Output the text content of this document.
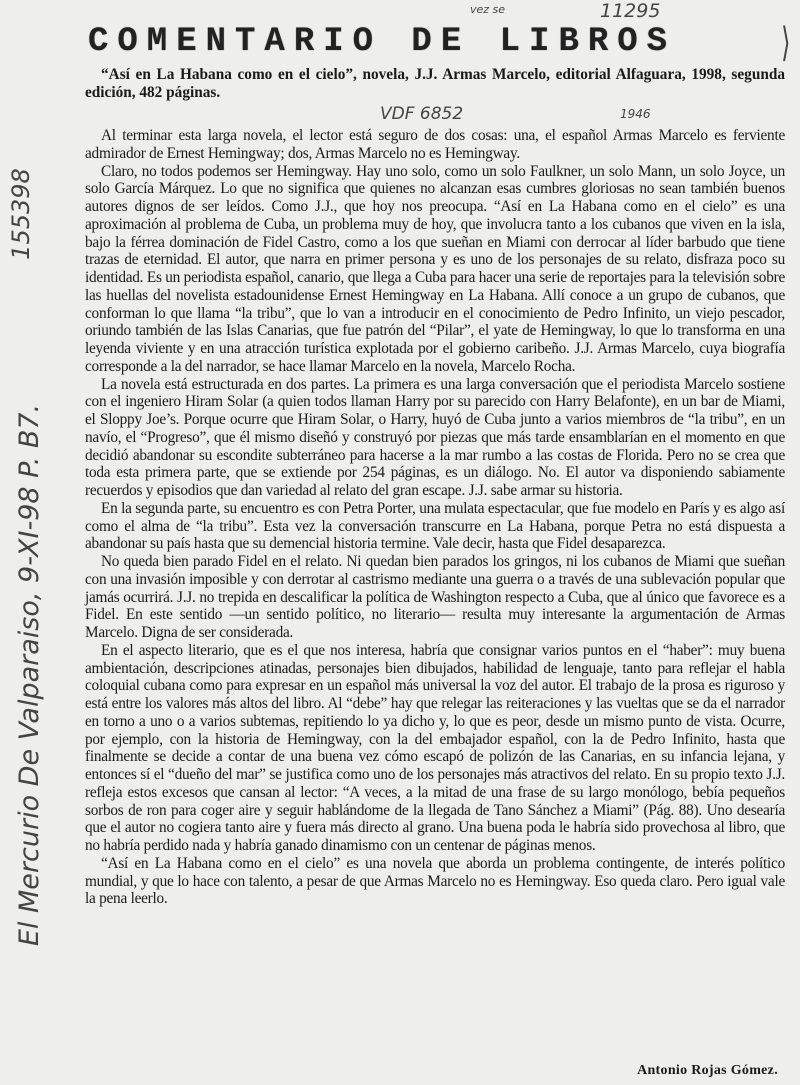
COMENTARIO DE LIBROS	⟩
“Así en La Habana como en el cielo”, novela, J.J. Armas Marcelo, editorial Alfaguara, 1998, segunda edición, 482 páginas.
11295
vez se
VDF 6852	1946
El Mercurio De Valparaiso, 9-XI-98 P. B7.
155398

Al terminar esta larga novela, el lector está seguro de dos cosas: una, el español Armas Marcelo es ferviente admirador de Ernest Hemingway; dos, Armas Marcelo no es Hemingway.

Claro, no todos podemos ser Hemingway. Hay uno solo, como un solo Faulkner, un solo Mann, un solo Joyce, un solo García Márquez. Lo que no significa que quienes no alcanzan esas cumbres gloriosas no sean también buenos autores dignos de ser leídos. Como J.J., que hoy nos preocupa. “Así en La Habana como en el cielo” es una aproximación al problema de Cuba, un problema muy de hoy, que involucra tanto a los cubanos que viven en la isla, bajo la férrea dominación de Fidel Castro, como a los que sueñan en Miami con derrocar al líder barbudo que tiene trazas de eternidad. El autor, que narra en primer persona y es uno de los personajes de su relato, disfraza poco su identidad. Es un periodista español, canario, que llega a Cuba para hacer una serie de reportajes para la televisión sobre las huellas del novelista estadounidense Ernest Hemingway en La Habana. Allí conoce a un grupo de cubanos, que conforman lo que llama “la tribu”, que lo van a introducir en el conocimiento de Pedro Infinito, un viejo pescador, oriundo también de las Islas Canarias, que fue patrón del “Pilar”, el yate de Hemingway, lo que lo transforma en una leyenda viviente y en una atracción turística explotada por el gobierno caribeño. J.J. Armas Marcelo, cuya biografía corresponde a la del narrador, se hace llamar Marcelo en la novela, Marcelo Rocha.

La novela está estructurada en dos partes. La primera es una larga conversación que el periodista Marcelo sostiene con el ingeniero Hiram Solar (a quien todos llaman Harry por su parecido con Harry Belafonte), en un bar de Miami, el Sloppy Joe’s. Porque ocurre que Hiram Solar, o Harry, huyó de Cuba junto a varios miembros de “la tribu”, en un navío, el “Progreso”, que él mismo diseñó y construyó por piezas que más tarde ensamblarían en el momento en que decidió abandonar su escondite subterráneo para hacerse a la mar rumbo a las costas de Florida. Pero no se crea que toda esta primera parte, que se extiende por 254 páginas, es un diálogo. No. El autor va disponiendo sabiamente recuerdos y episodios que dan variedad al relato del gran escape. J.J. sabe armar su historia.

En la segunda parte, su encuentro es con Petra Porter, una mulata espectacular, que fue modelo en París y es algo así como el alma de “la tribu”. Esta vez la conversación transcurre en La Habana, porque Petra no está dispuesta a abandonar su país hasta que su demencial historia termine. Vale decir, hasta que Fidel desaparezca.

No queda bien parado Fidel en el relato. Ni quedan bien parados los gringos, ni los cubanos de Miami que sueñan con una invasión imposible y con derrotar al castrismo mediante una guerra o a través de una sublevación popular que jamás ocurrirá. J.J. no trepida en descalificar la política de Washington respecto a Cuba, que al único que favorece es a Fidel. En este sentido —un sentido político, no literario— resulta muy interesante la argumentación de Armas Marcelo. Digna de ser considerada.

En el aspecto literario, que es el que nos interesa, habría que consignar varios puntos en el “haber”: muy buena ambientación, descripciones atinadas, personajes bien dibujados, habilidad de lenguaje, tanto para reflejar el habla coloquial cubana como para expresar en un español más universal la voz del autor. El trabajo de la prosa es riguroso y está entre los valores más altos del libro. Al “debe” hay que relegar las reiteraciones y las vueltas que se da el narrador en torno a uno o a varios subtemas, repitiendo lo ya dicho y, lo que es peor, desde un mismo punto de vista. Ocurre, por ejemplo, con la historia de Hemingway, con la del embajador español, con la de Pedro Infinito, hasta que finalmente se decide a contar de una buena vez cómo escapó de polizón de las Canarias, en su infancia lejana, y entonces sí el “dueño del mar” se justifica como uno de los personajes más atractivos del relato. En su propio texto J.J. refleja estos excesos que cansan al lector: “A veces, a la mitad de una frase de su largo monólogo, bebía pequeños sorbos de ron para coger aire y seguir hablándome de la llegada de Tano Sánchez a Miami” (Pág. 88). Uno desearía que el autor no cogiera tanto aire y fuera más directo al grano. Una buena poda le habría sido provechosa al libro, que no habría perdido nada y habría ganado dinamismo con un centenar de páginas menos.

“Así en La Habana como en el cielo” es una novela que aborda un problema contingente, de interés político mundial, y que lo hace con talento, a pesar de que Armas Marcelo no es Hemingway. Eso queda claro. Pero igual vale la pena leerlo.

Antonio Rojas Gómez.
